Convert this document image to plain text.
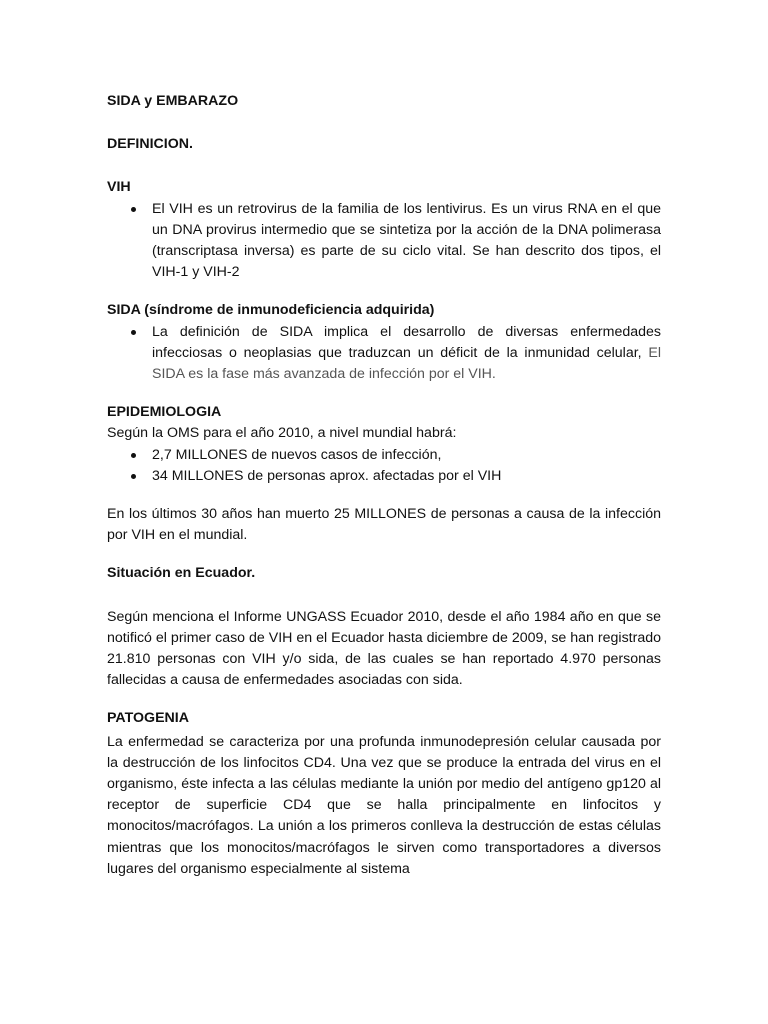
SIDA y EMBARAZO

DEFINICION.

VIH

El VIH es un retrovirus de la familia de los lentivirus. Es un virus RNA en el que un DNA provirus intermedio que se sintetiza por la acción de la DNA polimerasa (transcriptasa inversa) es parte de su ciclo vital. Se han descrito dos tipos, el VIH-1 y VIH-2

SIDA (síndrome de inmunodeficiencia adquirida)

La definición de SIDA implica el desarrollo de diversas enfermedades infecciosas o neoplasias que traduzcan un déficit de la inmunidad celular, El SIDA es la fase más avanzada de infección por el VIH.

EPIDEMIOLOGIA

Según la OMS para el año 2010, a nivel mundial habrá:

2,7 MILLONES de nuevos casos de infección,
34 MILLONES de personas aprox. afectadas por el VIH

En los últimos 30 años han muerto 25 MILLONES de personas a causa de la infección por VIH en el mundial.

Situación en Ecuador.

Según menciona el Informe UNGASS Ecuador 2010, desde el año 1984 año en que se notificó el primer caso de VIH en el Ecuador hasta diciembre de 2009, se han registrado 21.810 personas con VIH y/o sida, de las cuales se han reportado 4.970 personas fallecidas a causa de enfermedades asociadas con sida.

PATOGENIA

La enfermedad se caracteriza por una profunda inmunodepresión celular causada por la destrucción de los linfocitos CD4. Una vez que se produce la entrada del virus en el organismo, éste infecta a las células mediante la unión por medio del antígeno gp120 al receptor de superficie CD4 que se halla principalmente en linfocitos y monocitos/macrófagos. La unión a los primeros conlleva la destrucción de estas células mientras que los monocitos/macrófagos le sirven como transportadores a diversos lugares del organismo especialmente al sistema
